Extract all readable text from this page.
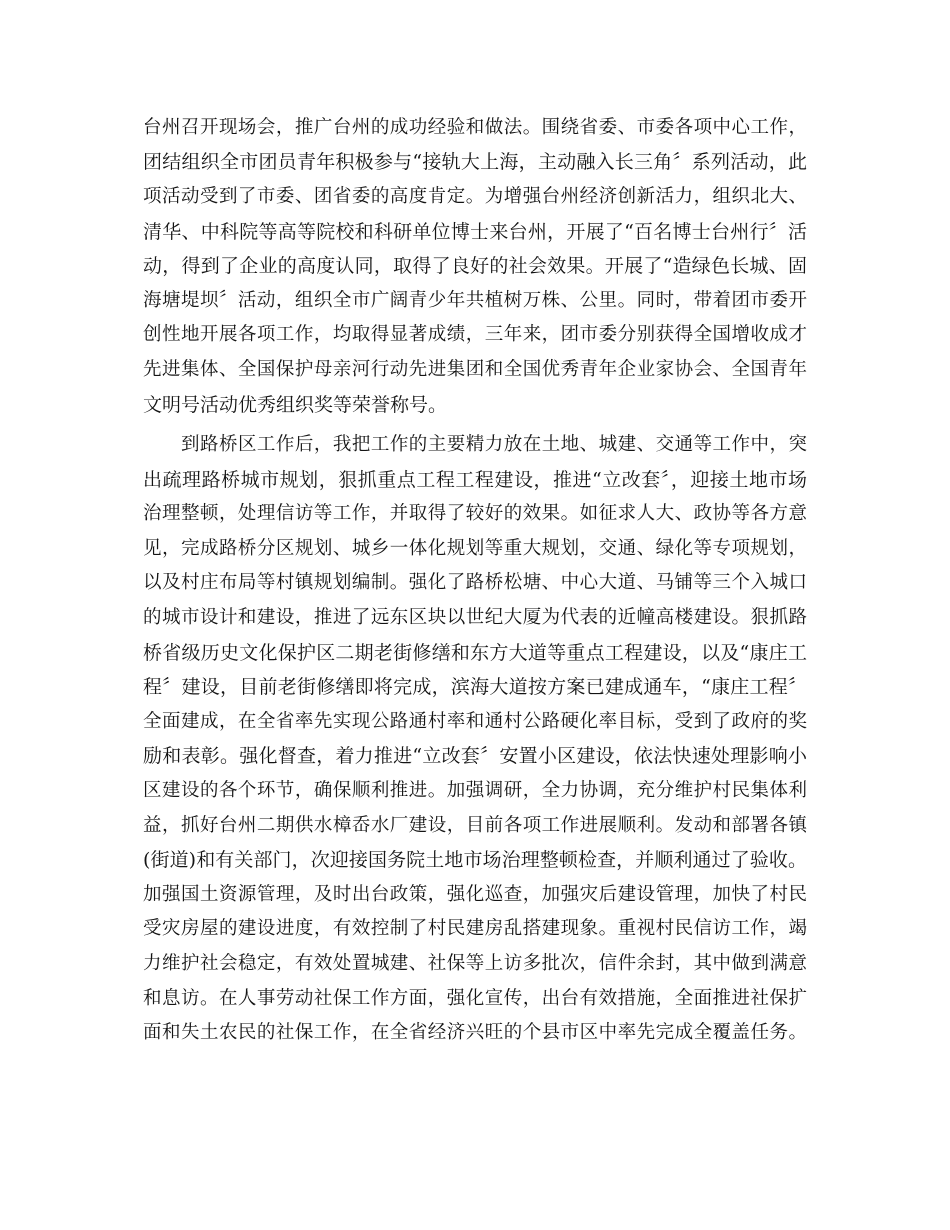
台州召开现场会，推广台州的成功经验和做法。围绕省委、市委各项中心工作，
团结组织全市团员青年积极参与“接轨大上海，主动融入长三角〞系列活动，此
项活动受到了市委、团省委的高度肯定。为增强台州经济创新活力，组织北大、
清华、中科院等高等院校和科研单位博士来台州，开展了“百名博士台州行〞活
动，得到了企业的高度认同，取得了良好的社会效果。开展了“造绿色长城、固
海塘堤坝〞活动，组织全市广阔青少年共植树万株、公里。同时，带着团市委开
创性地开展各项工作，均取得显著成绩，三年来，团市委分别获得全国增收成才
先进集体、全国保护母亲河行动先进集团和全国优秀青年企业家协会、全国青年
文明号活动优秀组织奖等荣誉称号。
到路桥区工作后，我把工作的主要精力放在土地、城建、交通等工作中，突
出疏理路桥城市规划，狠抓重点工程工程建设，推进“立改套〞，迎接土地市场
治理整顿，处理信访等工作，并取得了较好的效果。如征求人大、政协等各方意
见，完成路桥分区规划、城乡一体化规划等重大规划，交通、绿化等专项规划，
以及村庄布局等村镇规划编制。强化了路桥松塘、中心大道、马铺等三个入城口
的城市设计和建设，推进了远东区块以世纪大厦为代表的近幢高楼建设。狠抓路
桥省级历史文化保护区二期老街修缮和东方大道等重点工程建设，以及“康庄工
程〞建设，目前老街修缮即将完成，滨海大道按方案已建成通车，“康庄工程〞
全面建成，在全省率先实现公路通村率和通村公路硬化率目标，受到了政府的奖
励和表彰。强化督查，着力推进“立改套〞安置小区建设，依法快速处理影响小
区建设的各个环节，确保顺利推进。加强调研，全力协调，充分维护村民集体利
益，抓好台州二期供水樟岙水厂建设，目前各项工作进展顺利。发动和部署各镇
(街道)和有关部门，次迎接国务院土地市场治理整顿检查，并顺利通过了验收。
加强国土资源管理，及时出台政策，强化巡查，加强灾后建设管理，加快了村民
受灾房屋的建设进度，有效控制了村民建房乱搭建现象。重视村民信访工作，竭
力维护社会稳定，有效处置城建、社保等上访多批次，信件余封，其中做到满意
和息访。在人事劳动社保工作方面，强化宣传，出台有效措施，全面推进社保扩
面和失土农民的社保工作，在全省经济兴旺的个县市区中率先完成全覆盖任务。
